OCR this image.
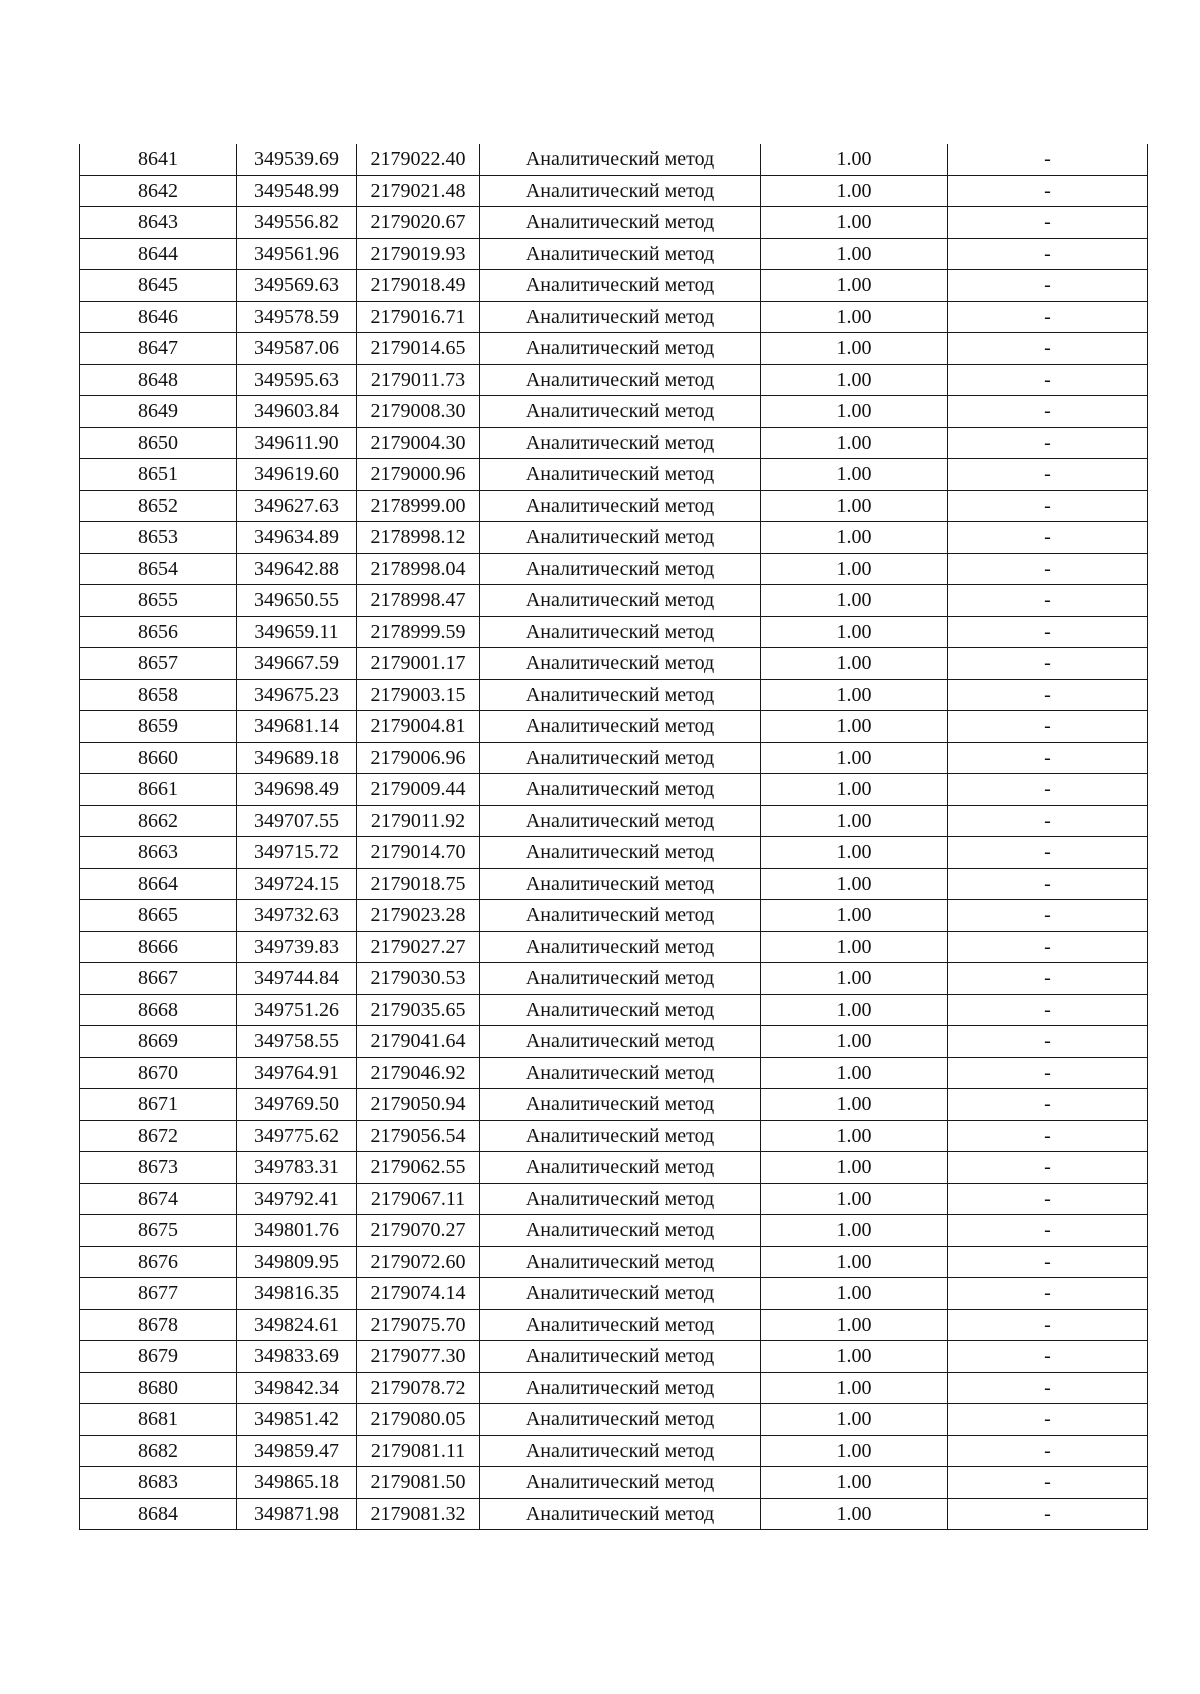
8641	349539.69	2179022.40	Аналитический метод	1.00	-
8642	349548.99	2179021.48	Аналитический метод	1.00	-
8643	349556.82	2179020.67	Аналитический метод	1.00	-
8644	349561.96	2179019.93	Аналитический метод	1.00	-
8645	349569.63	2179018.49	Аналитический метод	1.00	-
8646	349578.59	2179016.71	Аналитический метод	1.00	-
8647	349587.06	2179014.65	Аналитический метод	1.00	-
8648	349595.63	2179011.73	Аналитический метод	1.00	-
8649	349603.84	2179008.30	Аналитический метод	1.00	-
8650	349611.90	2179004.30	Аналитический метод	1.00	-
8651	349619.60	2179000.96	Аналитический метод	1.00	-
8652	349627.63	2178999.00	Аналитический метод	1.00	-
8653	349634.89	2178998.12	Аналитический метод	1.00	-
8654	349642.88	2178998.04	Аналитический метод	1.00	-
8655	349650.55	2178998.47	Аналитический метод	1.00	-
8656	349659.11	2178999.59	Аналитический метод	1.00	-
8657	349667.59	2179001.17	Аналитический метод	1.00	-
8658	349675.23	2179003.15	Аналитический метод	1.00	-
8659	349681.14	2179004.81	Аналитический метод	1.00	-
8660	349689.18	2179006.96	Аналитический метод	1.00	-
8661	349698.49	2179009.44	Аналитический метод	1.00	-
8662	349707.55	2179011.92	Аналитический метод	1.00	-
8663	349715.72	2179014.70	Аналитический метод	1.00	-
8664	349724.15	2179018.75	Аналитический метод	1.00	-
8665	349732.63	2179023.28	Аналитический метод	1.00	-
8666	349739.83	2179027.27	Аналитический метод	1.00	-
8667	349744.84	2179030.53	Аналитический метод	1.00	-
8668	349751.26	2179035.65	Аналитический метод	1.00	-
8669	349758.55	2179041.64	Аналитический метод	1.00	-
8670	349764.91	2179046.92	Аналитический метод	1.00	-
8671	349769.50	2179050.94	Аналитический метод	1.00	-
8672	349775.62	2179056.54	Аналитический метод	1.00	-
8673	349783.31	2179062.55	Аналитический метод	1.00	-
8674	349792.41	2179067.11	Аналитический метод	1.00	-
8675	349801.76	2179070.27	Аналитический метод	1.00	-
8676	349809.95	2179072.60	Аналитический метод	1.00	-
8677	349816.35	2179074.14	Аналитический метод	1.00	-
8678	349824.61	2179075.70	Аналитический метод	1.00	-
8679	349833.69	2179077.30	Аналитический метод	1.00	-
8680	349842.34	2179078.72	Аналитический метод	1.00	-
8681	349851.42	2179080.05	Аналитический метод	1.00	-
8682	349859.47	2179081.11	Аналитический метод	1.00	-
8683	349865.18	2179081.50	Аналитический метод	1.00	-
8684	349871.98	2179081.32	Аналитический метод	1.00	-
